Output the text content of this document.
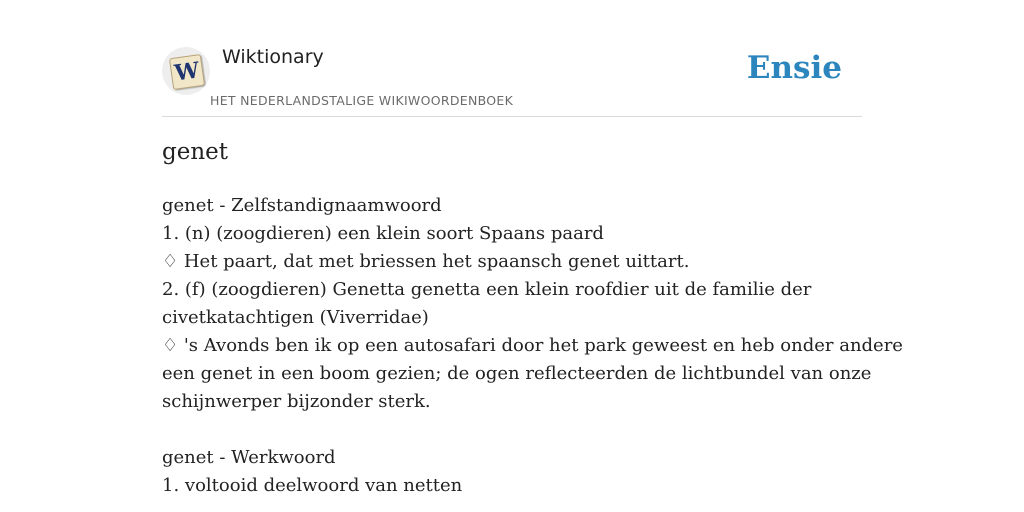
W
Wiktionary
HET NEDERLANDSTALIGE WIKIWOORDENBOEK
Ensie
genet
genet - Zelfstandignaamwoord
1. (n) (zoogdieren) een klein soort Spaans paard
♢ Het paart, dat met briessen het spaansch genet uittart.
2. (f) (zoogdieren) Genetta genetta een klein roofdier uit de familie der
civetkatachtigen (Viverridae)
♢ 's Avonds ben ik op een autosafari door het park geweest en heb onder andere
een genet in een boom gezien; de ogen reflecteerden de lichtbundel van onze
schijnwerper bijzonder sterk.
genet - Werkwoord
1. voltooid deelwoord van netten
